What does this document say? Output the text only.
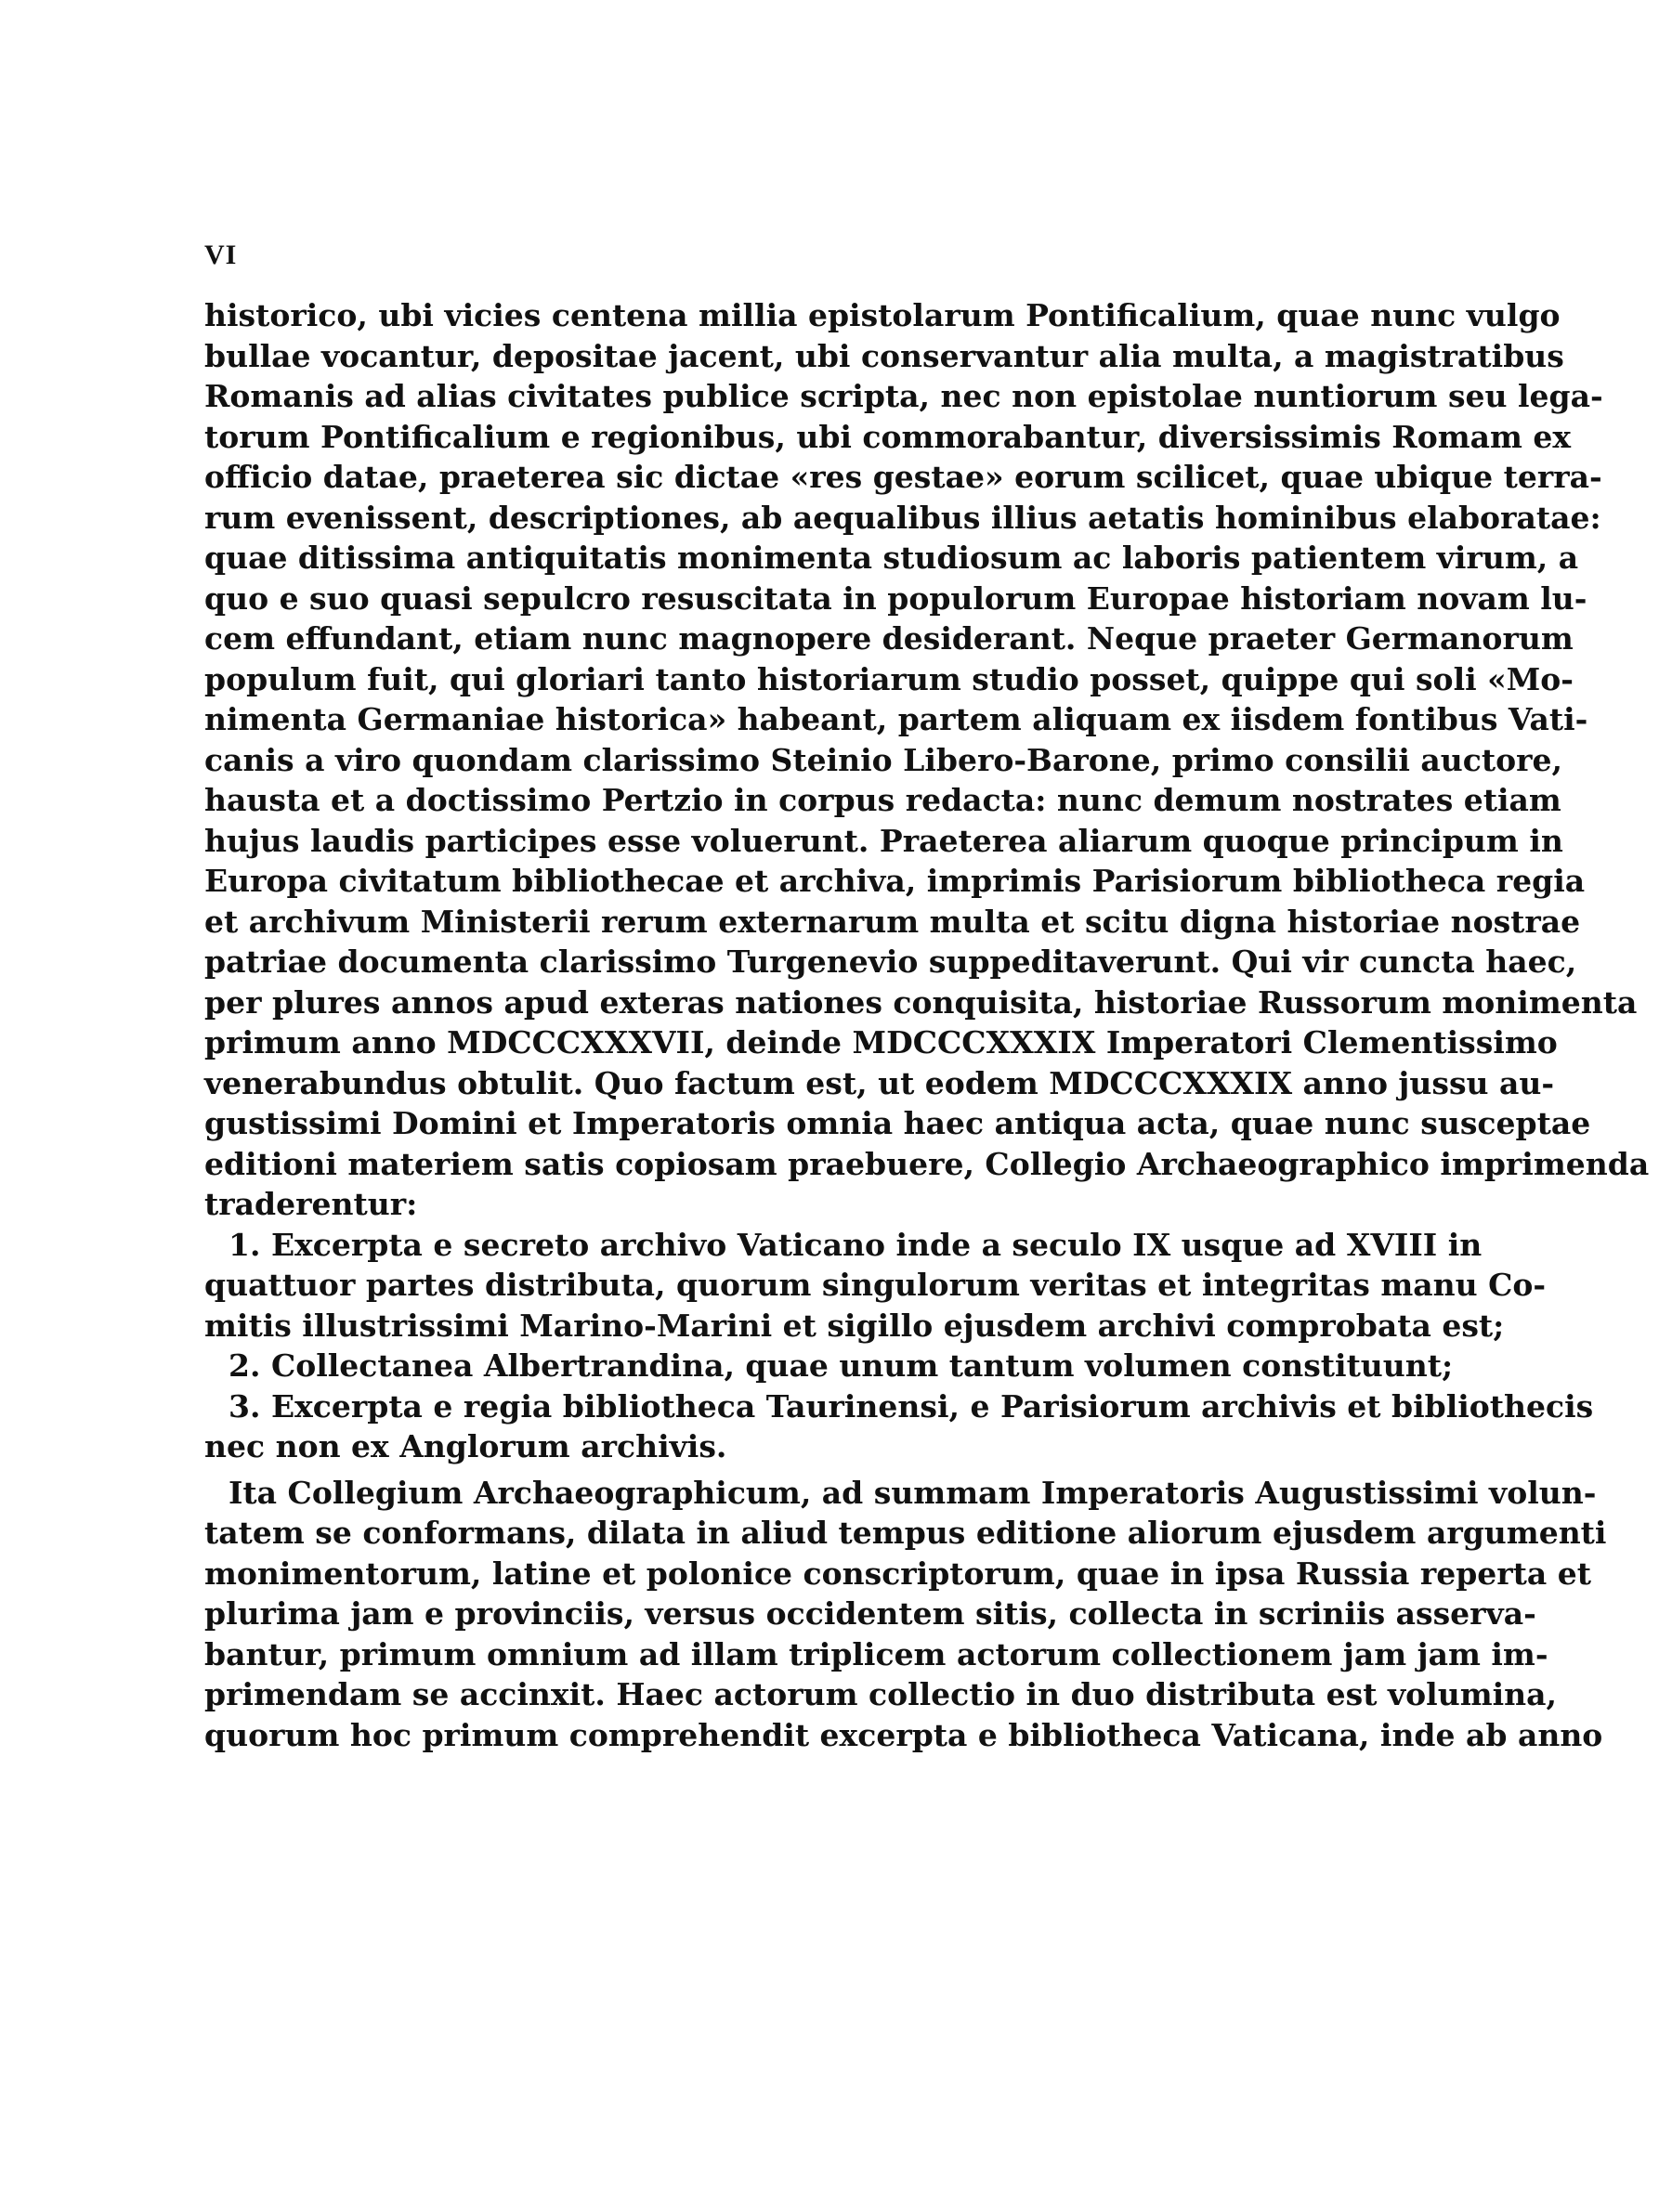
VI
historico, ubi vicies centena millia epistolarum Pontificalium, quae nunc vulgo
bullae vocantur, depositae jacent, ubi conservantur alia multa, a magistratibus
Romanis ad alias civitates publice scripta, nec non epistolae nuntiorum seu lega-
torum Pontificalium e regionibus, ubi commorabantur, diversissimis Romam ex
officio datae, praeterea sic dictae «res gestae» eorum scilicet, quae ubique terra-
rum evenissent, descriptiones, ab aequalibus illius aetatis hominibus elaboratae:
quae ditissima antiquitatis monimenta studiosum ac laboris patientem virum, a
quo e suo quasi sepulcro resuscitata in populorum Europae historiam novam lu-
cem effundant, etiam nunc magnopere desiderant. Neque praeter Germanorum
populum fuit, qui gloriari tanto historiarum studio posset, quippe qui soli «Mo-
nimenta Germaniae historica» habeant, partem aliquam ex iisdem fontibus Vati-
canis a viro quondam clarissimo Steinio Libero-Barone, primo consilii auctore,
hausta et a doctissimo Pertzio in corpus redacta: nunc demum nostrates etiam
hujus laudis participes esse voluerunt. Praeterea aliarum quoque principum in
Europa civitatum bibliothecae et archiva, imprimis Parisiorum bibliotheca regia
et archivum Ministerii rerum externarum multa et scitu digna historiae nostrae
patriae documenta clarissimo Turgenevio suppeditaverunt. Qui vir cuncta haec,
per plures annos apud exteras nationes conquisita, historiae Russorum monimenta
primum anno MDCCCXXXVII, deinde MDCCCXXXIX Imperatori Clementissimo
venerabundus obtulit. Quo factum est, ut eodem MDCCCXXXIX anno jussu au-
gustissimi Domini et Imperatoris omnia haec antiqua acta, quae nunc susceptae
editioni materiem satis copiosam praebuere, Collegio Archaeographico imprimenda
traderentur:
1. Excerpta e secreto archivo Vaticano inde a seculo IX usque ad XVIII in
quattuor partes distributa, quorum singulorum veritas et integritas manu Co-
mitis illustrissimi Marino-Marini et sigillo ejusdem archivi comprobata est;
2. Collectanea Albertrandina, quae unum tantum volumen constituunt;
3. Excerpta e regia bibliotheca Taurinensi, e Parisiorum archivis et bibliothecis
nec non ex Anglorum archivis.
Ita Collegium Archaeographicum, ad summam Imperatoris Augustissimi volun-
tatem se conformans, dilata in aliud tempus editione aliorum ejusdem argumenti
monimentorum, latine et polonice conscriptorum, quae in ipsa Russia reperta et
plurima jam e provinciis, versus occidentem sitis, collecta in scriniis asserva-
bantur, primum omnium ad illam triplicem actorum collectionem jam jam im-
primendam se accinxit. Haec actorum collectio in duo distributa est volumina,
quorum hoc primum comprehendit excerpta e bibliotheca Vaticana, inde ab anno
